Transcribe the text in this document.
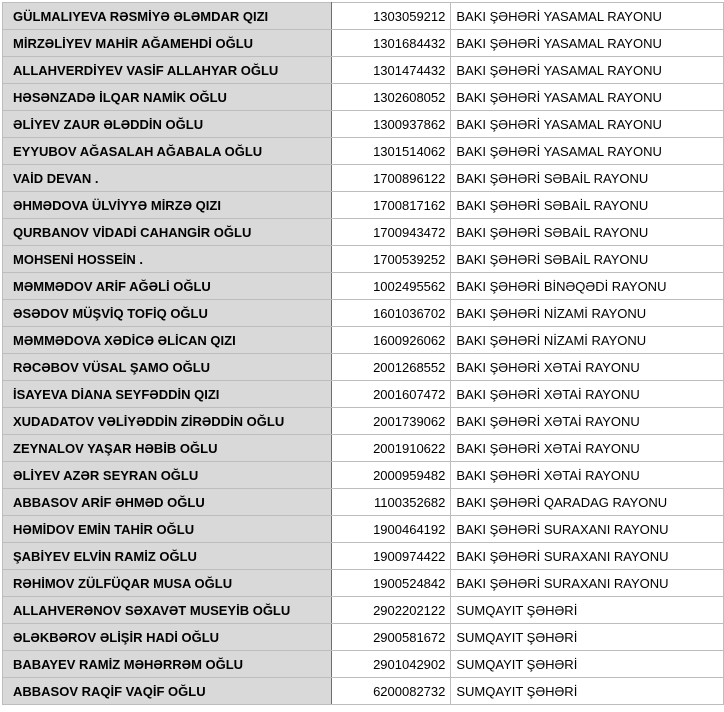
GÜLMALIYEVA RƏSMİYƏ ƏLƏMDAR QIZI	1303059212	BAKI ŞƏHƏRİ YASAMAL RAYONU
MİRZƏLİYEV MAHİR AĞAMEHDİ OĞLU	1301684432	BAKI ŞƏHƏRİ YASAMAL RAYONU
ALLAHVERDİYEV VASİF ALLAHYAR OĞLU	1301474432	BAKI ŞƏHƏRİ YASAMAL RAYONU
HƏSƏNZADƏ İLQAR NAMİK OĞLU	1302608052	BAKI ŞƏHƏRİ YASAMAL RAYONU
ƏLİYEV ZAUR ƏLƏDDİN OĞLU	1300937862	BAKI ŞƏHƏRİ YASAMAL RAYONU
EYYUBOV AĞASALAH AĞABALA OĞLU	1301514062	BAKI ŞƏHƏRİ YASAMAL RAYONU
VAİD DEVAN .	1700896122	BAKI ŞƏHƏRİ SƏBAİL RAYONU
ƏHMƏDOVA ÜLVİYYƏ MİRZƏ QIZI	1700817162	BAKI ŞƏHƏRİ SƏBAİL RAYONU
QURBANOV VİDADİ CAHANGİR OĞLU	1700943472	BAKI ŞƏHƏRİ SƏBAİL RAYONU
MOHSENİ HOSSEİN .	1700539252	BAKI ŞƏHƏRİ SƏBAİL RAYONU
MƏMMƏDOV ARİF AĞƏLİ OĞLU	1002495562	BAKI ŞƏHƏRİ BİNƏQƏDİ RAYONU
ƏSƏDOV MÜŞVİQ TOFİQ OĞLU	1601036702	BAKI ŞƏHƏRİ NİZAMİ RAYONU
MƏMMƏDOVA XƏDİCƏ ƏLİCAN QIZI	1600926062	BAKI ŞƏHƏRİ NİZAMİ RAYONU
RƏCƏBOV VÜSAL ŞAMO OĞLU	2001268552	BAKI ŞƏHƏRİ XƏTAİ RAYONU
İSAYEVA DİANA SEYFƏDDİN QIZI	2001607472	BAKI ŞƏHƏRİ XƏTAİ RAYONU
XUDADATOV VƏLİYƏDDİN ZİRƏDDİN OĞLU	2001739062	BAKI ŞƏHƏRİ XƏTAİ RAYONU
ZEYNALOV YAŞAR HƏBİB OĞLU	2001910622	BAKI ŞƏHƏRİ XƏTAİ RAYONU
ƏLİYEV AZƏR SEYRAN OĞLU	2000959482	BAKI ŞƏHƏRİ XƏTAİ RAYONU
ABBASOV ARİF ƏHMƏD OĞLU	1100352682	BAKI ŞƏHƏRİ QARADAG RAYONU
HƏMİDOV EMİN TAHİR OĞLU	1900464192	BAKI ŞƏHƏRİ SURAXANI RAYONU
ŞABİYEV ELVİN RAMİZ OĞLU	1900974422	BAKI ŞƏHƏRİ SURAXANI RAYONU
RƏHİMOV ZÜLFÜQAR MUSA OĞLU	1900524842	BAKI ŞƏHƏRİ SURAXANI RAYONU
ALLAHVERƏNOV SƏXAVƏT MUSEYİB OĞLU	2902202122	SUMQAYIT ŞƏHƏRİ
ƏLƏKBƏROV ƏLİŞİR HADİ OĞLU	2900581672	SUMQAYIT ŞƏHƏRİ
BABAYEV RAMİZ MƏHƏRRƏM OĞLU	2901042902	SUMQAYIT ŞƏHƏRİ
ABBASOV RAQİF VAQİF OĞLU	6200082732	SUMQAYIT ŞƏHƏRİ
